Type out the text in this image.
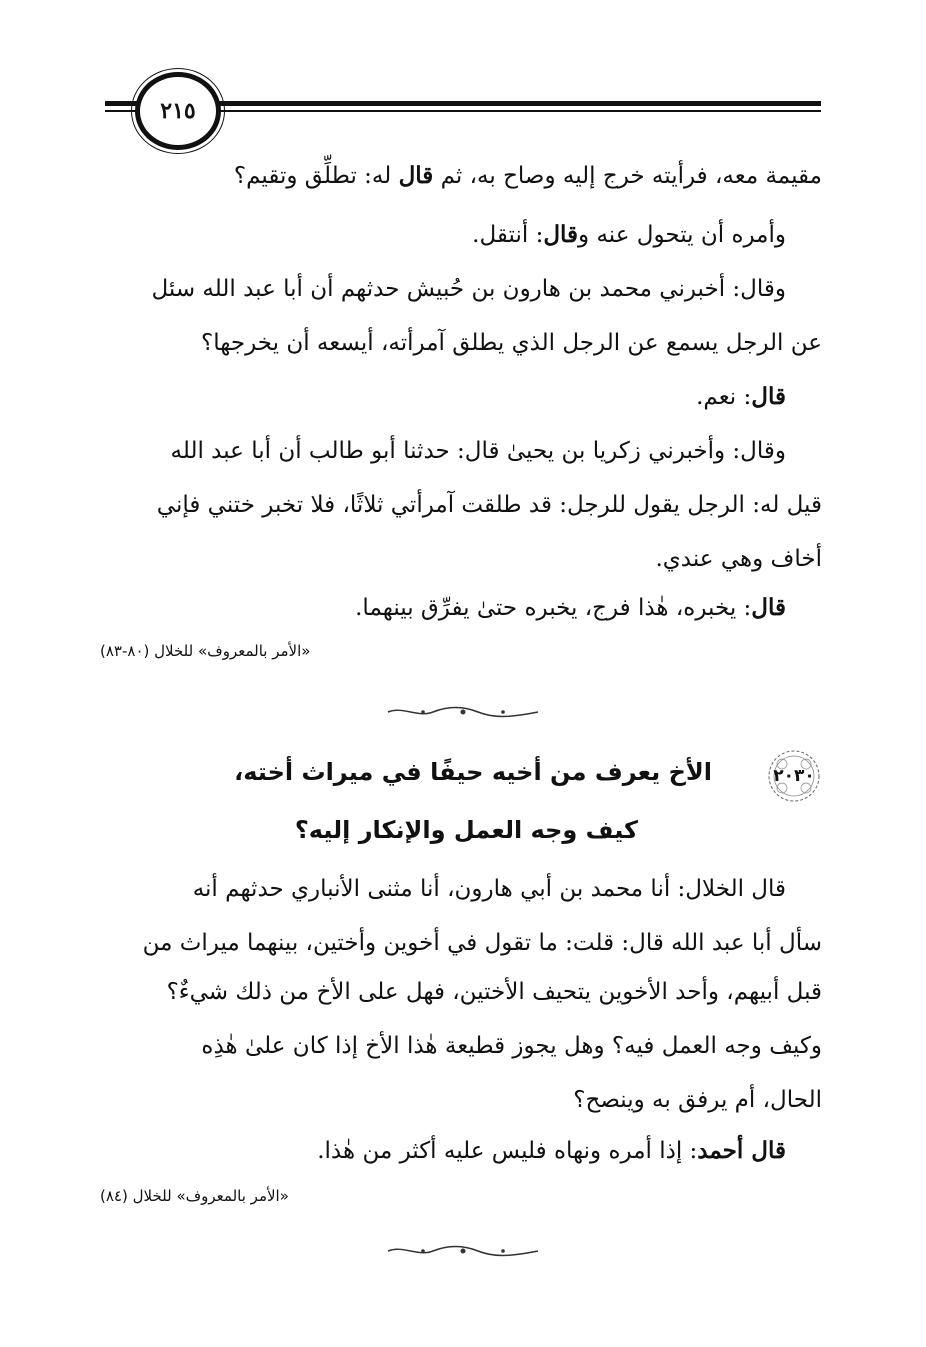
٢١٥
مقيمة معه، فرأيته خرج إليه وصاح به، ثم قال له: تطلِّق وتقيم؟
وأمره أن يتحول عنه وقال: أنتقل.
وقال: أخبرني محمد بن هارون بن حُبيش حدثهم أن أبا عبد الله سئل
عن الرجل يسمع عن الرجل الذي يطلق آمرأته، أيسعه أن يخرجها؟
قال: نعم.
وقال: وأخبرني زكريا بن يحيىٰ قال: حدثنا أبو طالب أن أبا عبد الله
قيل له: الرجل يقول للرجل: قد طلقت آمرأتي ثلاثًا، فلا تخبر ختني فإني
أخاف وهي عندي.
قال: يخبره، هٰذا فرج، يخبره حتىٰ يفرِّق بينهما.
«الأمر بالمعروف» للخلال (٨٠-٨٣)
٢٠٣٠
الأخ يعرف من أخيه حيفًا في ميراث أخته،
كيف وجه العمل والإنكار إليه؟
قال الخلال: أنا محمد بن أبي هارون، أنا مثنى الأنباري حدثهم أنه
سأل أبا عبد الله قال: قلت: ما تقول في أخوين وأختين، بينهما ميراث من
قبل أبيهم، وأحد الأخوين يتحيف الأختين، فهل على الأخ من ذلك شيءٌ؟
وكيف وجه العمل فيه؟ وهل يجوز قطيعة هٰذا الأخ إذا كان علىٰ هٰذِه
الحال، أم يرفق به وينصح؟
قال أحمد: إذا أمره ونهاه فليس عليه أكثر من هٰذا.
«الأمر بالمعروف» للخلال (٨٤)
